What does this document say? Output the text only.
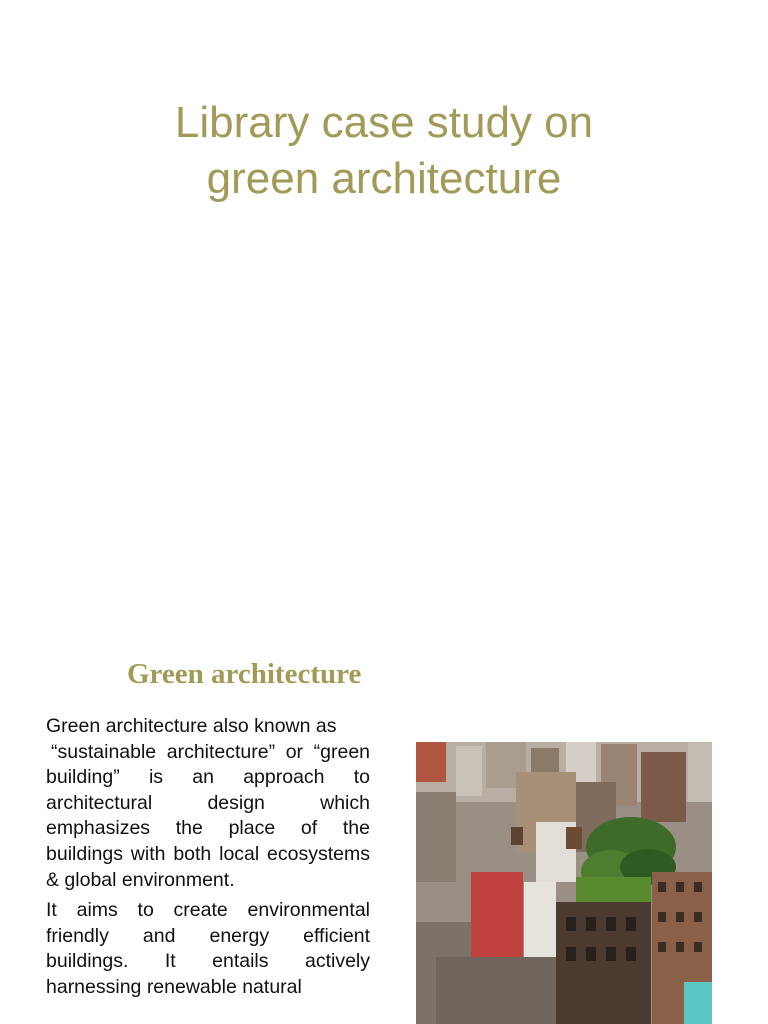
Library case study on
green architecture
Green architecture

Green architecture also known as
“sustainable architecture” or “green building” is an approach to architectural design which emphasizes the place of the buildings with both local ecosystems & global environment.

It aims to create environmental friendly and energy efficient buildings. It entails actively harnessing renewable natural
